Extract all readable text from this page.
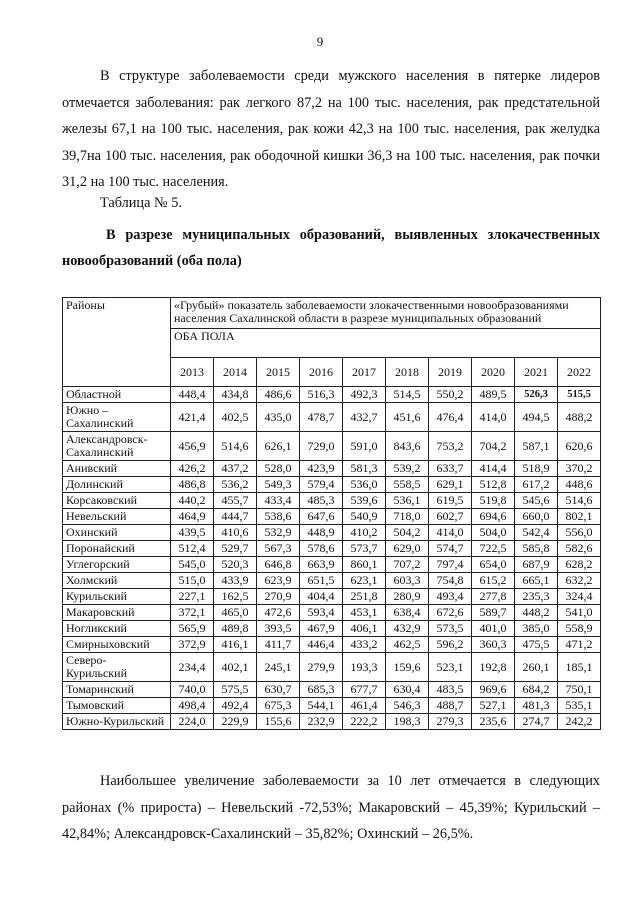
9
В структуре заболеваемости среди мужского населения в пятерке лидеров отмечается заболевания: рак легкого 87,2 на 100 тыс. населения, рак предстательной железы 67,1 на 100 тыс. населения, рак кожи 42,3 на 100 тыс. населения, рак желудка 39,7на 100 тыс. населения, рак ободочной кишки 36,3 на 100 тыс. населения, рак почки 31,2 на 100 тыс. населения.
Таблица № 5.
В разрезе муниципальных образований, выявленных злокачественных новообразований (оба пола)
Районы	«Грубый» показатель заболеваемости злокачественными новообразованиями населения Сахалинской области в разрезе муниципальных образований									
	ОБА ПОЛА									
	2013	2014	2015	2016	2017	2018	2019	2020	2021	2022
Областной	448,4	434,8	486,6	516,3	492,3	514,5	550,2	489,5	526,3	515,5
Южно – Сахалинский	421,4	402,5	435,0	478,7	432,7	451,6	476,4	414,0	494,5	488,2
Александровск-Сахалинский	456,9	514,6	626,1	729,0	591,0	843,6	753,2	704,2	587,1	620,6
Анивский	426,2	437,2	528,0	423,9	581,3	539,2	633,7	414,4	518,9	370,2
Долинский	486,8	536,2	549,3	579,4	536,0	558,5	629,1	512,8	617,2	448,6
Корсаковский	440,2	455,7	433,4	485,3	539,6	536,1	619,5	519,8	545,6	514,6
Невельский	464,9	444,7	538,6	647,6	540,9	718,0	602,7	694,6	660,0	802,1
Охинский	439,5	410,6	532,9	448,9	410,2	504,2	414,0	504,0	542,4	556,0
Поронайский	512,4	529,7	567,3	578,6	573,7	629,0	574,7	722,5	585,8	582,6
Углегорский	545,0	520,3	646,8	663,9	860,1	707,2	797,4	654,0	687,9	628,2
Холмский	515,0	433,9	623,9	651,5	623,1	603,3	754,8	615,2	665,1	632,2
Курильский	227,1	162,5	270,9	404,4	251,8	280,9	493,4	277,8	235,3	324,4
Макаровский	372,1	465,0	472,6	593,4	453,1	638,4	672,6	589,7	448,2	541,0
Ногликский	565,9	489,8	393,5	467,9	406,1	432,9	573,5	401,0	385,0	558,9
Смирныховский	372,9	416,1	411,7	446,4	433,2	462,5	596,2	360,3	475,5	471,2
Северо-Курильский	234,4	402,1	245,1	279,9	193,3	159,6	523,1	192,8	260,1	185,1
Томаринский	740,0	575,5	630,7	685,3	677,7	630,4	483,5	969,6	684,2	750,1
Тымовский	498,4	492,4	675,3	544,1	461,4	546,3	488,7	527,1	481,3	535,1
Южно-Курильский	224,0	229,9	155,6	232,9	222,2	198,3	279,3	235,6	274,7	242,2
Наибольшее увеличение заболеваемости за 10 лет отмечается в следующих районах (% прироста) – Невельский -72,53%; Макаровский – 45,39%; Курильский – 42,84%; Александровск-Сахалинский – 35,82%; Охинский – 26,5%.
